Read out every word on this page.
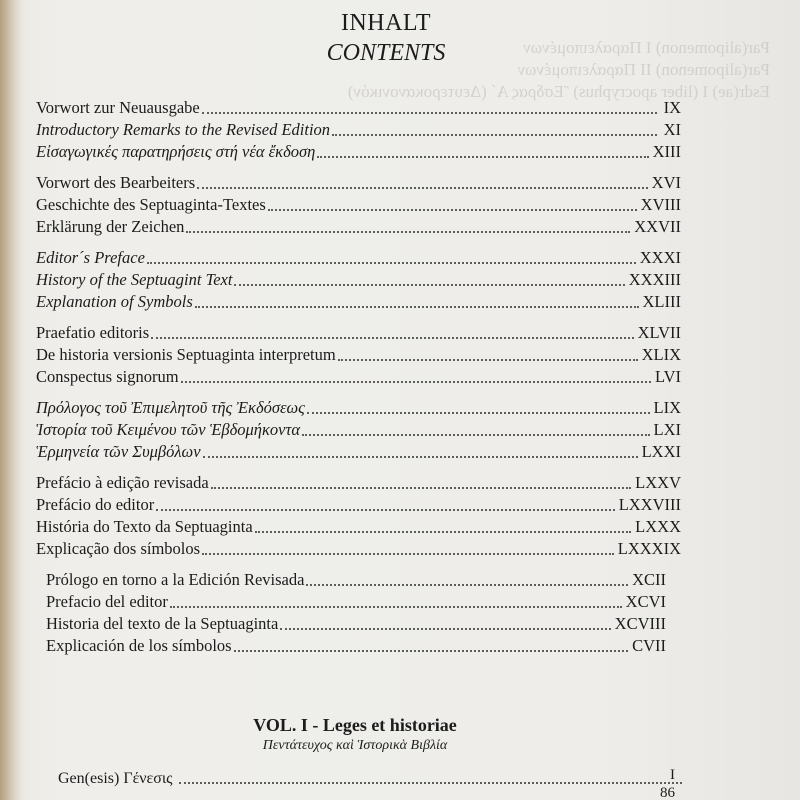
Par(alipomenon) I Παραλειπομένων
Par(alipomenon) II Παραλειπομένων
Esdr(ae) I (liber apocryphus) Ἔσδρας Α´ (Δευτεροκανονικόν)
INHALT
CONTENTS
Vorwort zur Neuausgabe	IX
Introductory Remarks to the Revised Edition	XI
Εἰσαγωγικές παρατηρήσεις στή νέα ἔκδοση	XIII
Vorwort des Bearbeiters	XVI
Geschichte des Septuaginta-Textes	XVIII
Erklärung der Zeichen	XXVII
Editor´s Preface	XXXI
History of the Septuagint Text	XXXIII
Explanation of Symbols	XLIII
Praefatio editoris	XLVII
De historia versionis Septuaginta interpretum	XLIX
Conspectus signorum	LVI
Πρόλογος τοῦ Ἐπιμελητοῦ τῆς Ἐκδόσεως	LIX
Ἱστορία τοῦ Κειμένου τῶν Ἑβδομήκοντα	LXI
Ἑρμηνεία τῶν Συμβόλων	LXXI
Prefácio à edição revisada	LXXV
Prefácio do editor	LXXVIII
História do Texto da Septuaginta	LXXX
Explicação dos símbolos	LXXXIX
Prólogo en torno a la Edición Revisada	XCII
Prefacio del editor	XCVI
Historia del texto de la Septuaginta	XCVIII
Explicación de los símbolos	CVII
VOL. I - Leges et historiae
Πεντάτευχος καὶ Ἱστορικὰ Βιβλία
Gen(esis) Γένεσις	I
86
